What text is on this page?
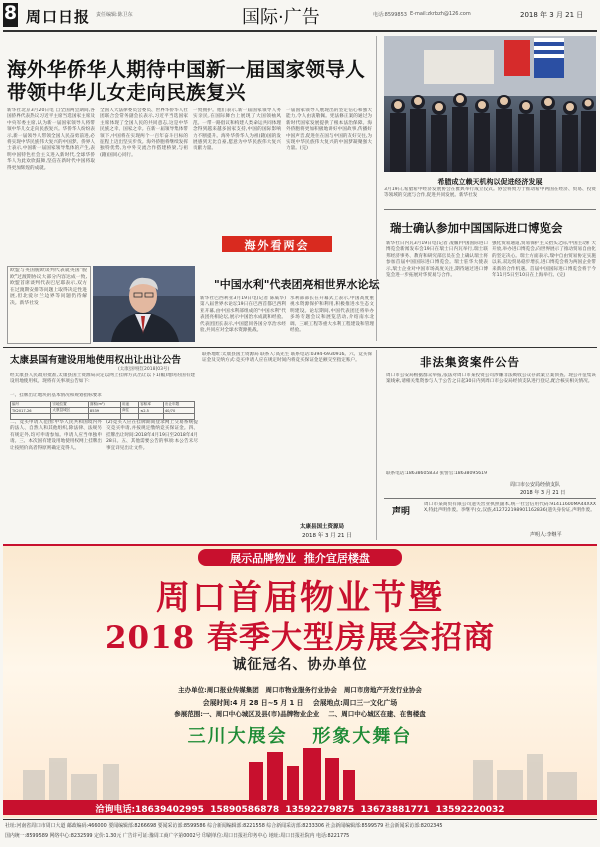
8 周口日报 责任编辑:陈卫东	国际·广告	电话:8599853 E-mail:zkrbzh@126.com	2018 年 3 月 21 日
海外华侨华人期待中国新一届国家领导人
带领中华儿女走向民族复兴
新华社北京3月20日电 自全国两会期间,各国侨界代表热议习近平主席当选国家主席及中央军委主席,认为新一届国家领导人将带领中华儿女走向民族复兴。华侨华人纷纷表示,新一届领导人带领全国人民奋勇前进,必将实现中华民族伟大复兴的中国梦。侨界人士表示,中国新一届国家领导集体的产生,表明中国特色社会主义进入新时代,全球华侨华人为此欢欣鼓舞,坚信在新时代中国将取得更加辉煌的成就。
全国人大法律委员会委员、世界华侨华人社团联合会常务副会长表示,习近平当选国家主席体现了全国人民的共同意志,这是中华民族之幸、国家之幸。在新一届领导集体带领下,中国将在实现两个一百年奋斗目标的征程上迈出坚实步伐。海外侨胞将继续发挥独特优势,为中外交流合作搭建桥梁,与祖(籍)国同心同行。
一致拥护。他们表示,新一届国家领导人务实亲民,在国际舞台上展现了大国领袖风范。一带一路倡议和构建人类命运共同体理念得到越来越多国家支持,中国的国际影响力不断提升。海外华侨华人为祖(籍)国的发展感到无比自豪,愿意为中华民族伟大复兴贡献力量。
一届国家领导人展现出的坚定信心和强大能力,令人由衷敬佩。宪法修正案的通过为新时代国家发展提供了根本法治保障。海外侨胞将更加积极地讲好中国故事,传播好中国声音,促进住在国与中国的友好交往,为实现中华民族伟大复兴的中国梦凝聚强大力量。(完)
海外看两会
希腊成立赖天机构以促进经济发展
3月19日,希腊希中经济发展协会在雅典举行成立仪式。协会将致力于推动希中两国在经济、贸易、投资等领域的交流与合作,促进共同发展。新华社发
瑞士确认参加中国国际进口博览会
新华社日内瓦3月19日电(记者 凌馨)中国国际进口博览会新闻发布会19日在瑞士日内瓦举行,瑞士联邦经济事务、教育和研究部官员在会上确认瑞士将参加首届中国国际进口博览会。瑞士驻华大使表示,瑞士企业对中国市场高度关注,期待通过进口博览会进一步拓展对华贸易与合作。
强化贸易通道,贸易保护主义抬头之际,中国主动扩大开放,举办进口博览会,向世界展示了推动贸易自由化的坚定决心。瑞士方面表示,瑞中自由贸易协定实施以来,双边贸易稳步增长,进口博览会将为两国企业带来新的合作机遇。首届中国国际进口博览会将于今年11月5日至10日在上海举行。(完)
欧盟与英国脱欧谈判代表就英国"脱欧"过渡期协议大部分内容达成一致,欧盟首席谈判代表巴尼耶表示,双方在过渡期安排等问题上取得决定性进展,但北爱尔兰边界等问题仍待解决。新华社发
"中国水利"代表团亮相世界水论坛
新华社巴西利亚3月19日电(记者 陈威华)第八届世界水论坛19日在巴西首都巴西利亚开幕,由中国水利部组成的"中国水利"代表团亮相论坛,展示中国治水成就和经验。代表团团长表示,中国愿同各国分享治水经验,共同应对全球水资源挑战。
水利部部长在开幕式上表示,中国高度重视水资源保护和利用,积极推进水生态文明建设。论坛期间,中国代表团还将举办多场专题会议和展览活动,介绍南水北调、三峡工程等重大水利工程建设和管理经验。
太康县国有建设用地使用权出让出让公告
(太康县网挂[2018]03号)
经太康县人民政府批准,太康县国土资源局决定以网上挂牌方式出让以下1(幅)地块的国有建设用地使用权。现将有关事项公告如下:
一、挂牌出让地块的基本情况和规划指标要求
编号	宗地位置	面积(m²)	用途	容积率	出让年限
TK2017-26	太康县城区	8539	商住	≤2.5	40/70

二、竞买申请人范围:中华人民共和国境内外的法人、自然人和其他组织,除法律、法规另有规定外,均可申请参加。申请人应当单独申请。三、本次国有建设用地使用权网上挂牌出让按照价高者得原则确定竞得人。
(2)竞买人应在挂牌期间登录网上交易系统提交竞买申请,并按规定缴纳竞买保证金。四、挂牌出让时间:2018年4月19日至2018年4月28日。五、其他需要公告的事项:本公告未尽事宜详见出让文件。
联系地址:太康县国土资源局 联系人:高先生 联系电话:0394-6930916。六、竞买保证金及交纳方式:竞买申请人应在规定时间内将竞买保证金足额交至指定账户。
太康县国土资源局
2018 年 3 月 21 日
非法集资案件公告
周口市公安局根据群众举报,依法对周口市某投资公司涉嫌非法吸收公众存款案立案侦查。现公开征集该案线索,请相关集资参与人于公告之日起30日内到周口市公安局经侦支队进行登记,配合核实相关情况。
联系电话:18638605833 张警官:18638095619
周口市公安局经侦支队
2018 年 3 月 21 日
声明
周口市某商贸有限公司遗失营业执照副本,统一社会信用代码:91411600MA44XXXX,特此声明作废。李继平(女,汉族,412722198901162836)遗失身份证,声明作废。
声明人:李继平
展示品牌物业  推介宜居楼盘
周口首届物业节暨
2018 春季大型房展会招商
诚征冠名、协办单位
主办单位:周口报业传媒集团   周口市物业服务行业协会   周口市房地产开发行业协会
会展时间:4 月 28 日~5 月 1 日    会展地点:周口三一文化广场
参展范围:一、周口中心城区及县(市)品牌物业企业    二、周口中心城区在建、在售楼盘
三川大展会   形象大舞台
洽询电话:18639402995  15890586878  13592279875  13673881771  13592220032
社址:河南省周口市周口大道 邮政编码:466000 要闻编辑部:8266698 要闻采访部:8599586 综合新闻编辑部:8221558 综合新闻采访部:8233306 社会新闻编辑部:8599579 社会新闻采访部:8202345
国内统一:8599589 网络中心:8232599 定价:1.30元 广告许可证:豫周工商广字第0002号 印刷单位:周口日报社印务中心 地址:周口日报社院内 电话:8221775
